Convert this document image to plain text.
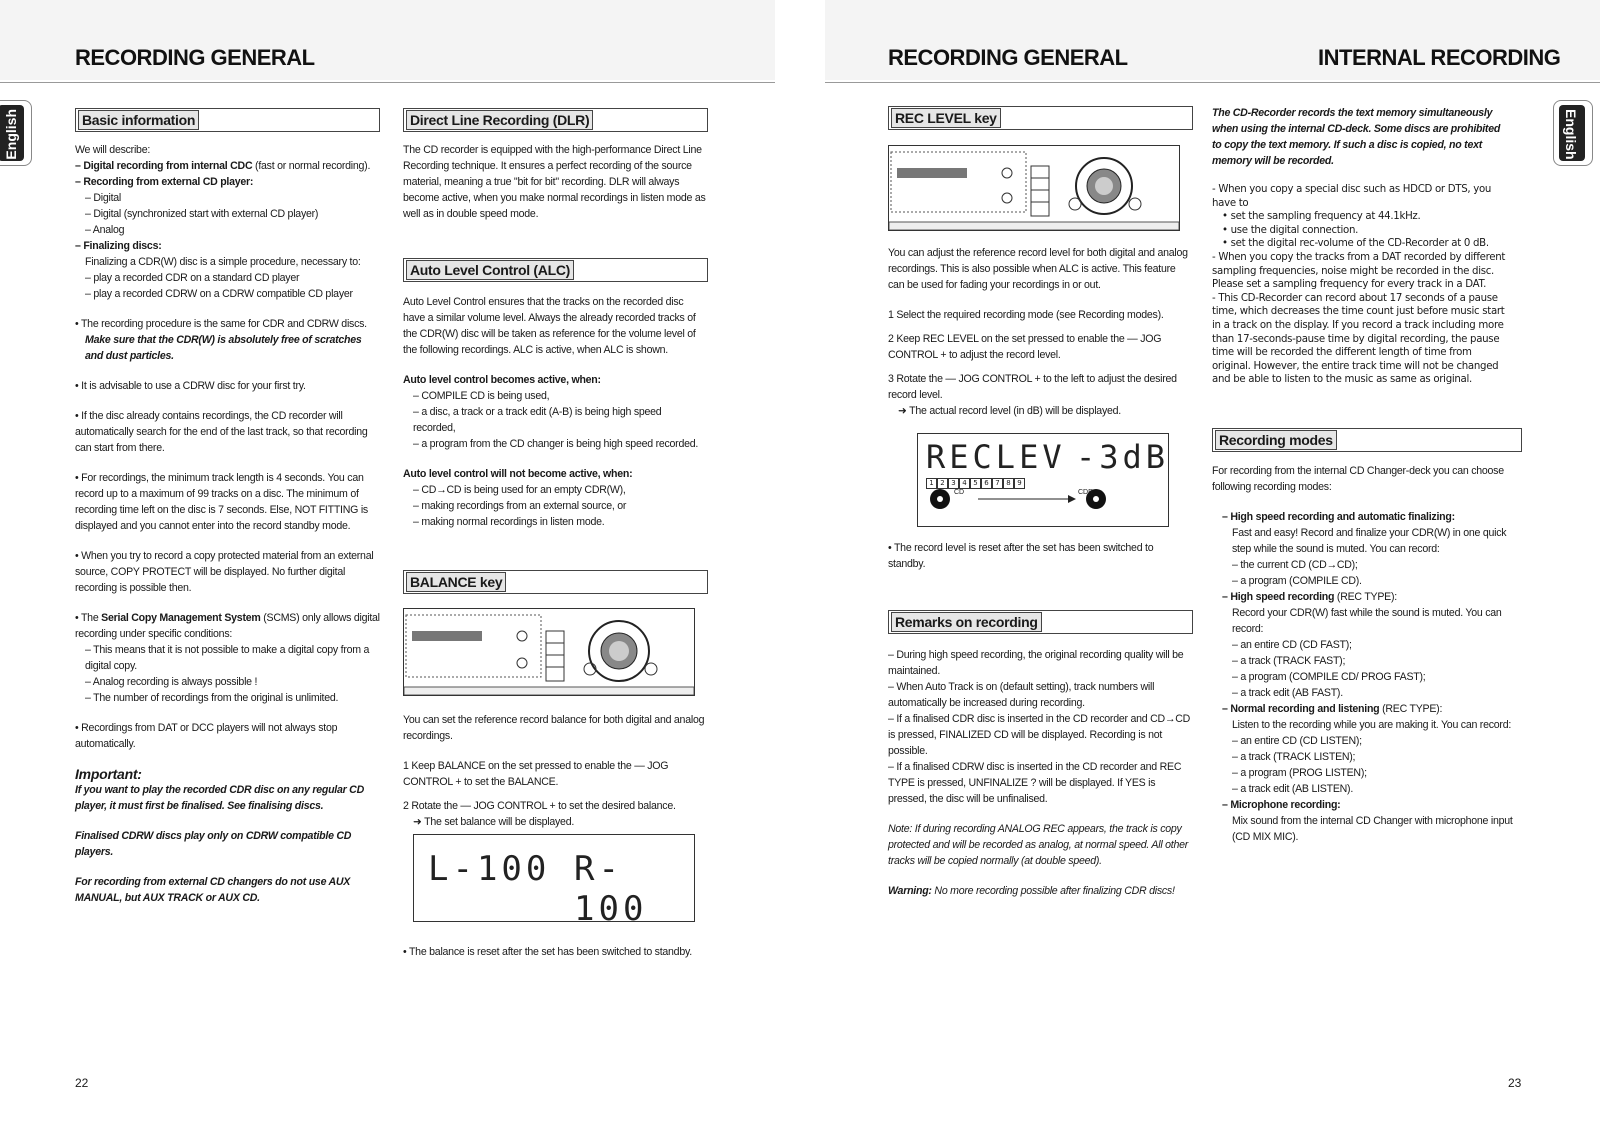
RECORDING GENERAL	RECORDING GENERAL	INTERNAL RECORDING
English	English
Basic information

We will describe:

– Digital recording from internal CDC (fast or normal recording).

– Recording from external CD player:

– Digital

– Digital (synchronized start with external CD player)

– Analog

– Finalizing discs:

Finalizing a CDR(W) disc is a simple procedure, necessary to:

– play a recorded CDR on a standard CD player

– play a recorded CDRW on a CDRW compatible CD player

• The recording procedure is the same for CDR and CDRW discs.

Make sure that the CDR(W) is absolutely free of scratches and dust particles.

• It is advisable to use a CDRW disc for your first try.

• If the disc already contains recordings, the CD recorder will automatically search for the end of the last track, so that recording can start from there.

• For recordings, the minimum track length is 4 seconds. You can record up to a maximum of 99 tracks on a disc. The minimum of recording time left on the disc is 7 seconds. Else, NOT FITTING is displayed and you cannot enter into the record standby mode.

• When you try to record a copy protected material from an external source, COPY PROTECT will be displayed. No further digital recording is possible then.

• The Serial Copy Management System (SCMS) only allows digital recording under specific conditions:

– This means that it is not possible to make a digital copy from a digital copy.

– Analog recording is always possible !

– The number of recordings from the original is unlimited.

• Recordings from DAT or DCC players will not always stop automatically.

Important:

If you want to play the recorded CDR disc on any regular CD player, it must first be finalised. See finalising discs.

Finalised CDRW discs play only on CDRW compatible CD players.

For recording from external CD changers do not use AUX MANUAL, but AUX TRACK or AUX CD.

Direct Line Recording (DLR)

The CD recorder is equipped with the high-performance Direct Line Recording technique. It ensures a perfect recording of the source material, meaning a true "bit for bit" recording. DLR will always become active, when you make normal recordings in listen mode as well as in double speed mode.

Auto Level Control (ALC)

Auto Level Control ensures that the tracks on the recorded disc have a similar volume level. Always the already recorded tracks of the CDR(W) disc will be taken as reference for the volume level of the following recordings. ALC is active, when ALC is shown.

Auto level control becomes active, when:

– COMPILE CD is being used,

– a disc, a track or a track edit (A-B) is being high speed recorded,

– a program from the CD changer is being high speed recorded.

Auto level control will not become active, when:

– CD→CD is being used for an empty CDR(W),

– making recordings from an external source, or

– making normal recordings in listen mode.

BALANCE key

You can set the reference record balance for both digital and analog recordings.

1 Keep BALANCE on the set pressed to enable the — JOG CONTROL + to set the BALANCE.

2 Rotate the — JOG CONTROL + to set the desired balance.

➜ The set balance will be displayed.

L-100 R-100

• The balance is reset after the set has been switched to standby.

22
REC LEVEL key

You can adjust the reference record level for both digital and analog recordings. This is also possible when ALC is active. This feature can be used for fading your recordings in or out.

1 Select the required recording mode (see Recording modes).

2 Keep REC LEVEL on the set pressed to enable the — JOG CONTROL + to adjust the record level.

3 Rotate the — JOG CONTROL + to the left to adjust the desired record level.

➜ The actual record level (in dB) will be displayed.

RECLEV -3dB
1 2 3 4 5 6 7 8 9
CD	CDR

• The record level is reset after the set has been switched to standby.

Remarks on recording

– During high speed recording, the original recording quality will be maintained.

– When Auto Track is on (default setting), track numbers will automatically be increased during recording.

– If a finalised CDR disc is inserted in the CD recorder and CD→CD is pressed, FINALIZED CD will be displayed. Recording is not possible.

– If a finalised CDRW disc is inserted in the CD recorder and REC TYPE is pressed, UNFINALIZE ? will be displayed. If YES is pressed, the disc will be unfinalised.

Note: If during recording ANALOG REC appears, the track is copy protected and will be recorded as analog, at normal speed. All other tracks will be copied normally (at double speed).

Warning: No more recording possible after finalizing CDR discs!

The CD-Recorder records the text memory simultaneously when using the internal CD-deck. Some discs are prohibited to copy the text memory. If such a disc is copied, no text memory will be recorded.

- When you copy a special disc such as HDCD or DTS, you have to

• set the sampling frequency at 44.1kHz.

• use the digital connection.

• set the digital rec-volume of the CD-Recorder at 0 dB.

- When you copy the tracks from a DAT recorded by different sampling frequencies, noise might be recorded in the disc. Please set a sampling frequency for every track in a DAT.

- This CD-Recorder can record about 17 seconds of a pause time, which decreases the time count just before music start in a track on the display. If you record a track including more than 17-seconds-pause time by digital recording, the pause time will be recorded the different length of time from original. However, the entire track time will not be changed and be able to listen to the music as same as original.

Recording modes

For recording from the internal CD Changer-deck you can choose following recording modes:

– High speed recording and automatic finalizing:

Fast and easy! Record and finalize your CDR(W) in one quick step while the sound is muted. You can record:

– the current CD (CD→CD);

– a program (COMPILE CD).

– High speed recording (REC TYPE):

Record your CDR(W) fast while the sound is muted. You can record:

– an entire CD (CD FAST);

– a track (TRACK FAST);

– a program (COMPILE CD/ PROG FAST);

– a track edit (AB FAST).

– Normal recording and listening (REC TYPE):

Listen to the recording while you are making it. You can record:

– an entire CD (CD LISTEN);

– a track (TRACK LISTEN);

– a program (PROG LISTEN);

– a track edit (AB LISTEN).

– Microphone recording:

Mix sound from the internal CD Changer with microphone input (CD MIX MIC).

23
